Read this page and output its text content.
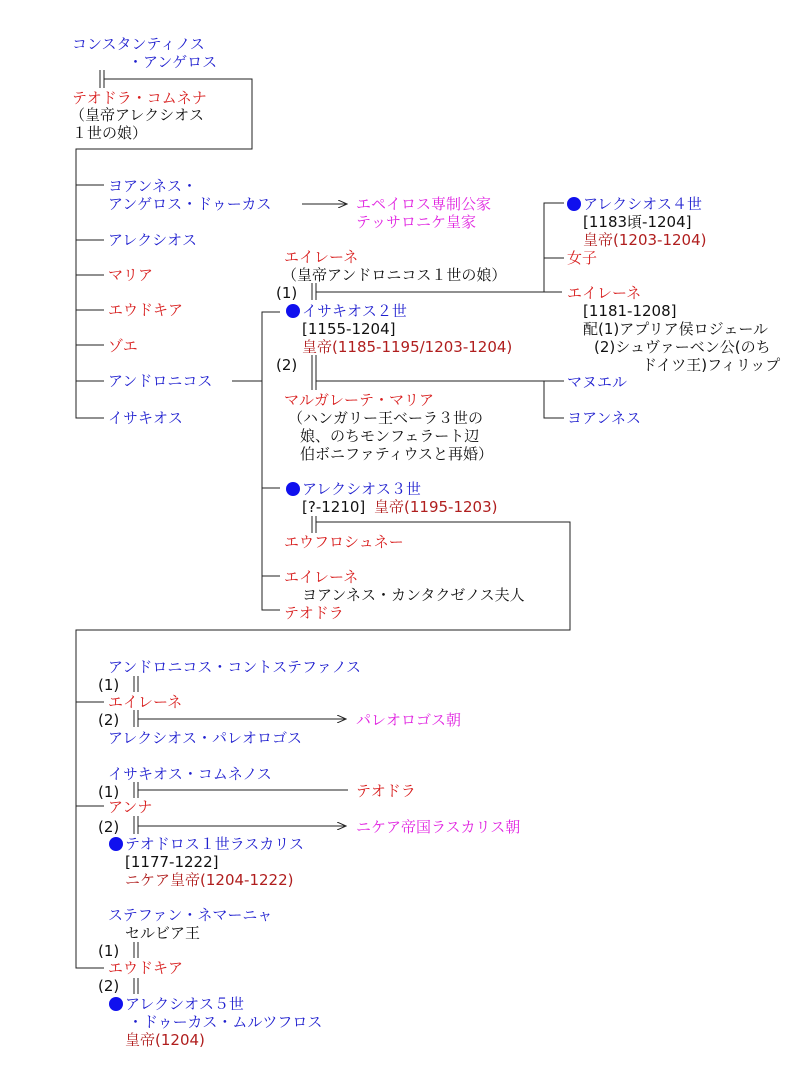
コンスタンティノス
・アンゲロス
テオドラ・コムネナ
（皇帝アレクシオス
１世の娘）
ヨアンネス・
アンゲロス・ドゥーカス	エペイロス専制公家
テッサロニケ皇家
アレクシオス
マリア
エウドキア
ゾエ
アンドロニコス
イサキオス
エイレーネ
（皇帝アンドロニコス１世の娘）
(1)
イサキオス２世
[1155-1204]
皇帝(1185-1195/1203-1204)
(2)
マルガレーテ・マリア
（ハンガリー王ベーラ３世の
娘、のちモンフェラート辺
伯ボニファティウスと再婚）
アレクシオス４世
[1183頃-1204]
皇帝(1203-1204)
女子
エイレーネ
[1181-1208]
配(1)アプリア侯ロジェール
(2)シュヴァーベン公(のち
ドイツ王)フィリップ
マヌエル
ヨアンネス
アレクシオス３世
[?-1210] 皇帝(1195-1203)
エウフロシュネー
エイレーネ
ヨアンネス・カンタクゼノス夫人
テオドラ
アンドロニコス・コントステファノス
(1)
エイレーネ
(2)	パレオロゴス朝
アレクシオス・パレオロゴス
イサキオス・コムネノス
(1)	テオドラ
アンナ
(2)	ニケア帝国ラスカリス朝
テオドロス１世ラスカリス
[1177-1222]
ニケア皇帝(1204-1222)
ステファン・ネマーニャ
セルビア王
(1)
エウドキア
(2)
アレクシオス５世
・ドゥーカス・ムルツフロス
皇帝(1204)
